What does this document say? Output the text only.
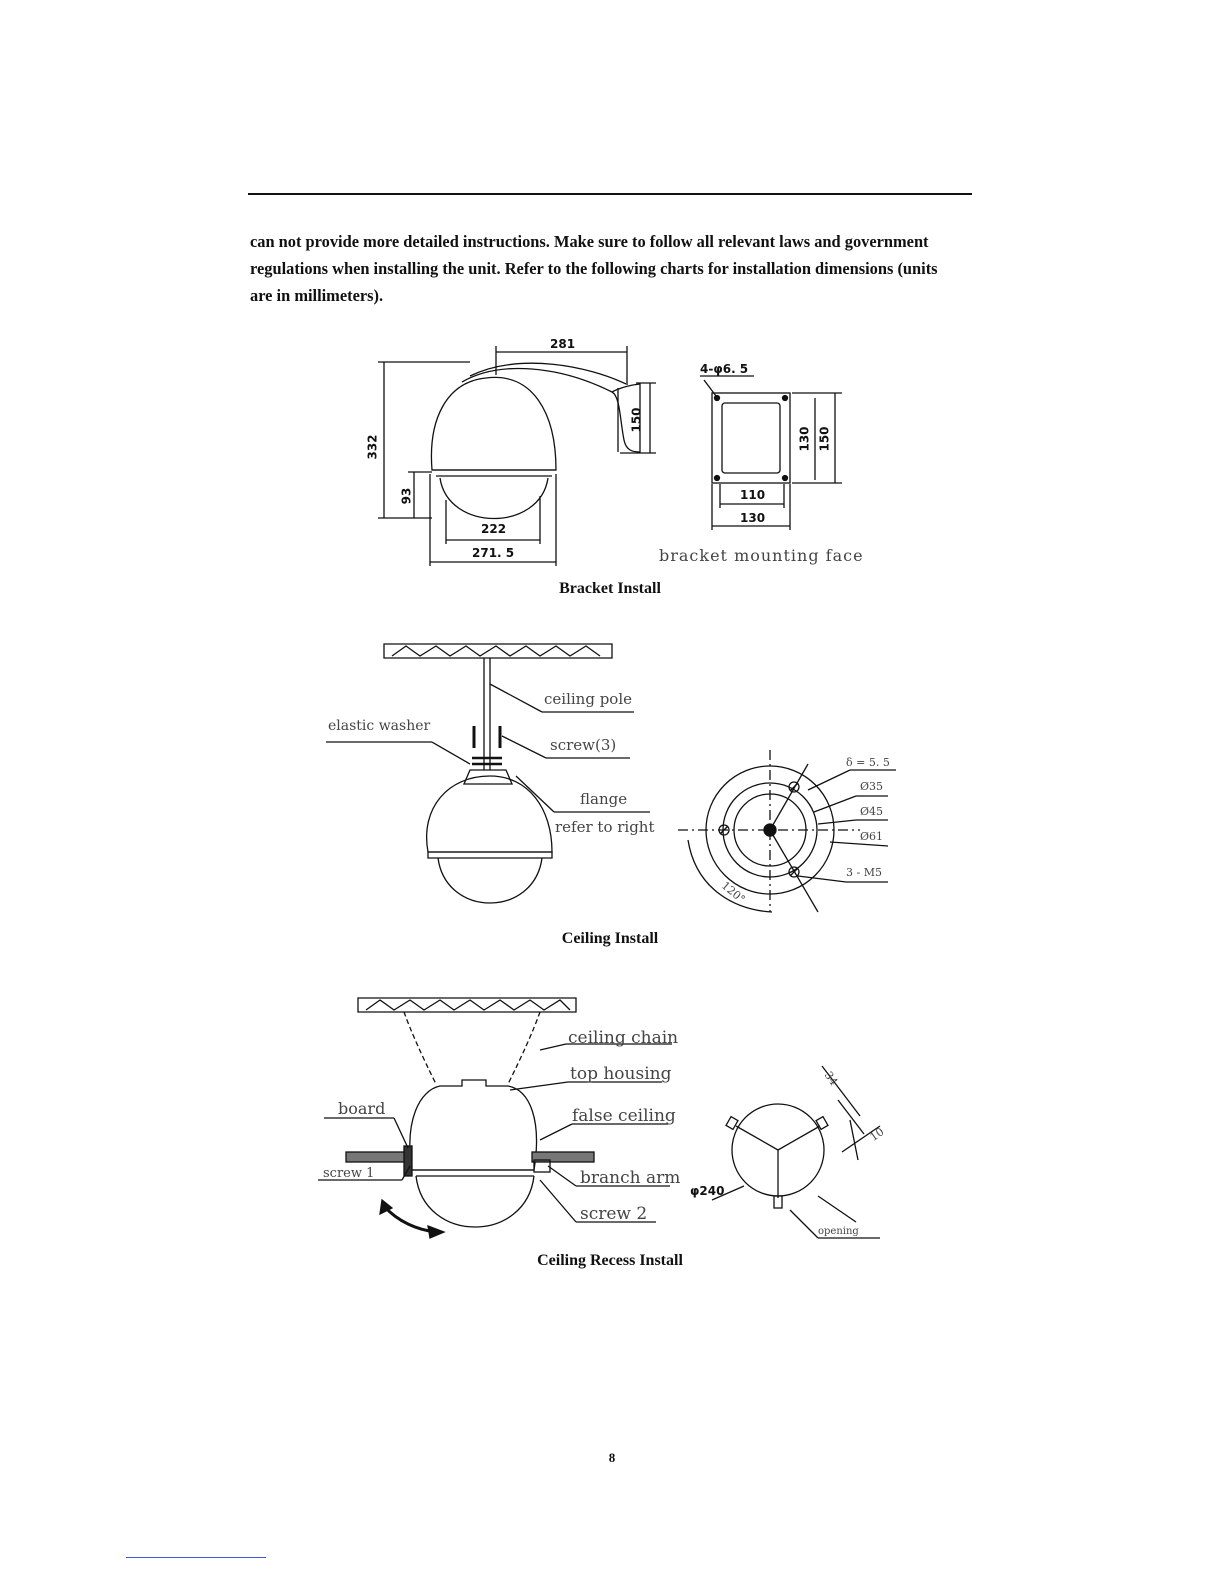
can not provide more detailed instructions. Make sure to follow all relevant laws and government
regulations when installing the unit. Refer to the following charts for installation dimensions (units
are in millimeters).

281
332
150
93
222
271. 5
4-φ6. 5
130 150
110
130
bracket mounting face
Bracket Install
ceiling pole
elastic washer
screw(3)
flange
refer to right
δ = 5. 5
Ø35
Ø45
Ø61
3 - M5
120°
Ceiling Install
ceiling chain
top housing
false ceiling
board
screw 1	branch arm
screw 2
φ240
34
10
opening
Ceiling Recess Install
8
